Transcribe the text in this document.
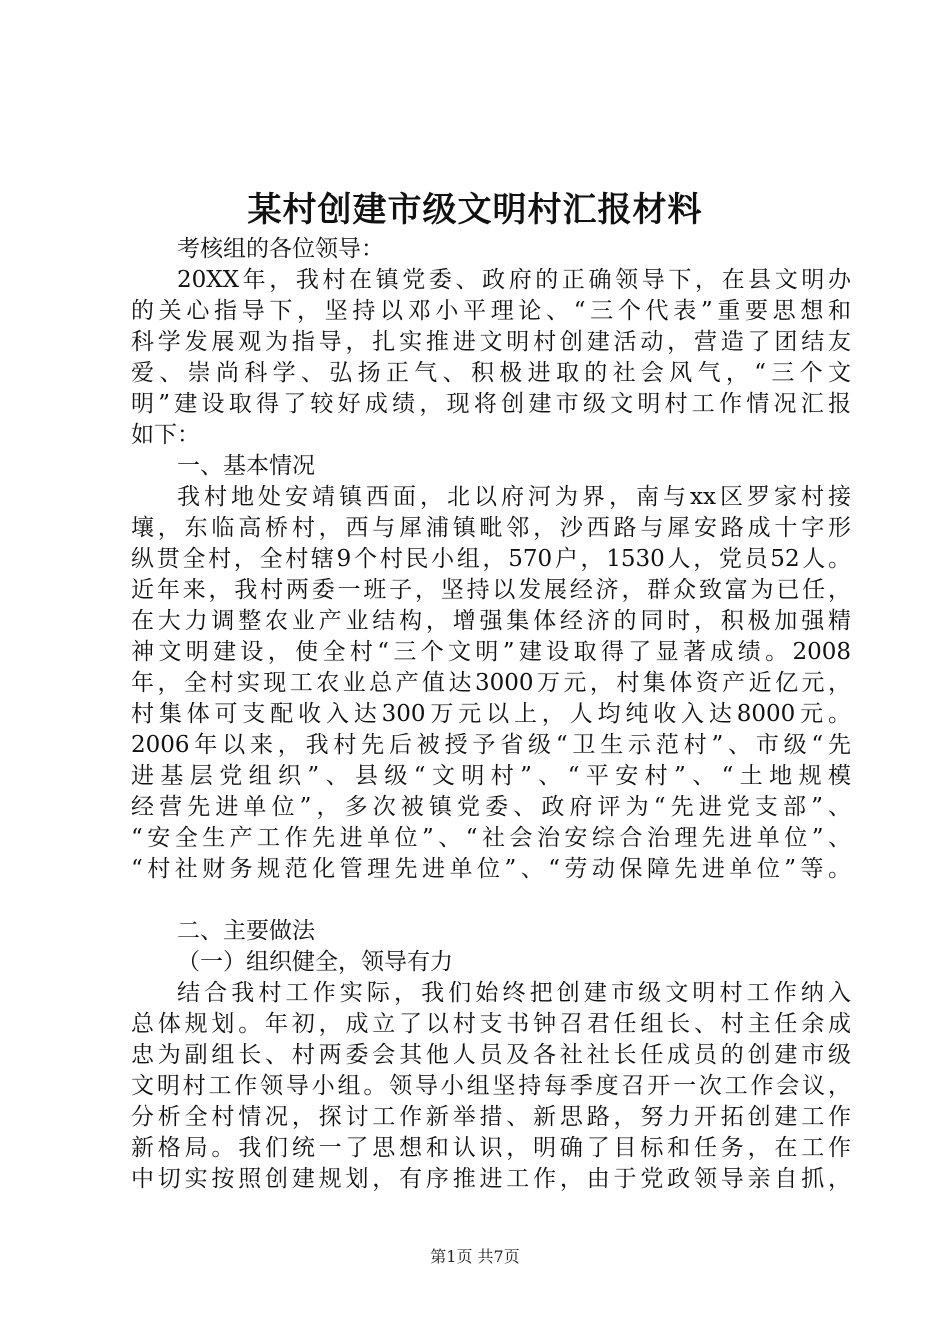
某村创建市级文明村汇报材料
考核组的各位领导：
20XX年，我村在镇党委、政府的正确领导下，在县文明办
的关心指导下，坚持以邓小平理论、“三个代表”重要思想和
科学发展观为指导，扎实推进文明村创建活动，营造了团结友
爱、崇尚科学、弘扬正气、积极进取的社会风气，“三个文
明”建设取得了较好成绩，现将创建市级文明村工作情况汇报
如下：
一、基本情况
我村地处安靖镇西面，北以府河为界，南与xx区罗家村接
壤，东临高桥村，西与犀浦镇毗邻，沙西路与犀安路成十字形
纵贯全村，全村辖9个村民小组，570户，1530人，党员52人。
近年来，我村两委一班子，坚持以发展经济，群众致富为已任，
在大力调整农业产业结构，增强集体经济的同时，积极加强精
神文明建设，使全村“三个文明”建设取得了显著成绩。2008
年，全村实现工农业总产值达3000万元，村集体资产近亿元，
村集体可支配收入达300万元以上，人均纯收入达8000元。
2006年以来，我村先后被授予省级“卫生示范村”、市级“先
进基层党组织”、县级“文明村”、“平安村”、“土地规模
经营先进单位”，多次被镇党委、政府评为“先进党支部”、
“安全生产工作先进单位”、“社会治安综合治理先进单位”、
“村社财务规范化管理先进单位”、“劳动保障先进单位”等。
二、主要做法
（一）组织健全，领导有力
结合我村工作实际，我们始终把创建市级文明村工作纳入
总体规划。年初，成立了以村支书钟召君任组长、村主任余成
忠为副组长、村两委会其他人员及各社社长任成员的创建市级
文明村工作领导小组。领导小组坚持每季度召开一次工作会议，
分析全村情况，探讨工作新举措、新思路，努力开拓创建工作
新格局。我们统一了思想和认识，明确了目标和任务，在工作
中切实按照创建规划，有序推进工作，由于党政领导亲自抓，
第1页 共7页
